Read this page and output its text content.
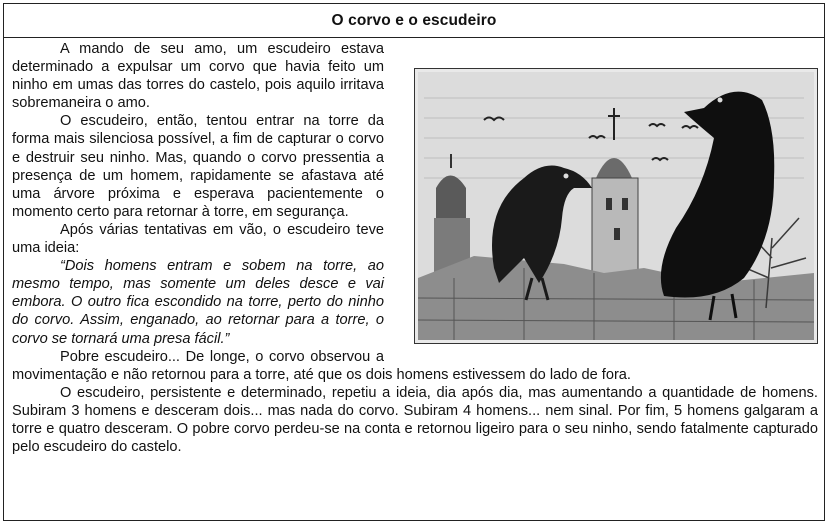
O corvo e o escudeiro

A mando de seu amo, um escudeiro estava determinado a expulsar um corvo que havia feito um ninho em umas das torres do castelo, pois aquilo irritava sobremaneira o amo.

O escudeiro, então, tentou entrar na torre da forma mais silenciosa possível, a fim de capturar o corvo e destruir seu ninho. Mas, quando o corvo pressentia a presença de um homem, rapidamente se afastava até uma árvore próxima e esperava pacientemente o momento certo para retornar à torre, em segurança.

Após várias tentativas em vão, o escudeiro teve uma ideia:

“Dois homens entram e sobem na torre, ao mesmo tempo, mas somente um deles desce e vai embora. O outro fica escondido na torre, perto do ninho do corvo. Assim, enganado, ao retornar para a torre, o corvo se tornará uma presa fácil.”

Pobre escudeiro... De longe, o corvo observou a movimentação e não retornou para a torre, até que os dois homens estivessem do lado de fora.

O escudeiro, persistente e determinado, repetiu a ideia, dia após dia, mas aumentando a quantidade de homens. Subiram 3 homens e desceram dois... mas nada do corvo. Subiram 4 homens... nem sinal. Por fim, 5 homens galgaram a torre e quatro desceram. O pobre corvo perdeu-se na conta e retornou ligeiro para o seu ninho, sendo fatalmente capturado pelo escudeiro do castelo.
